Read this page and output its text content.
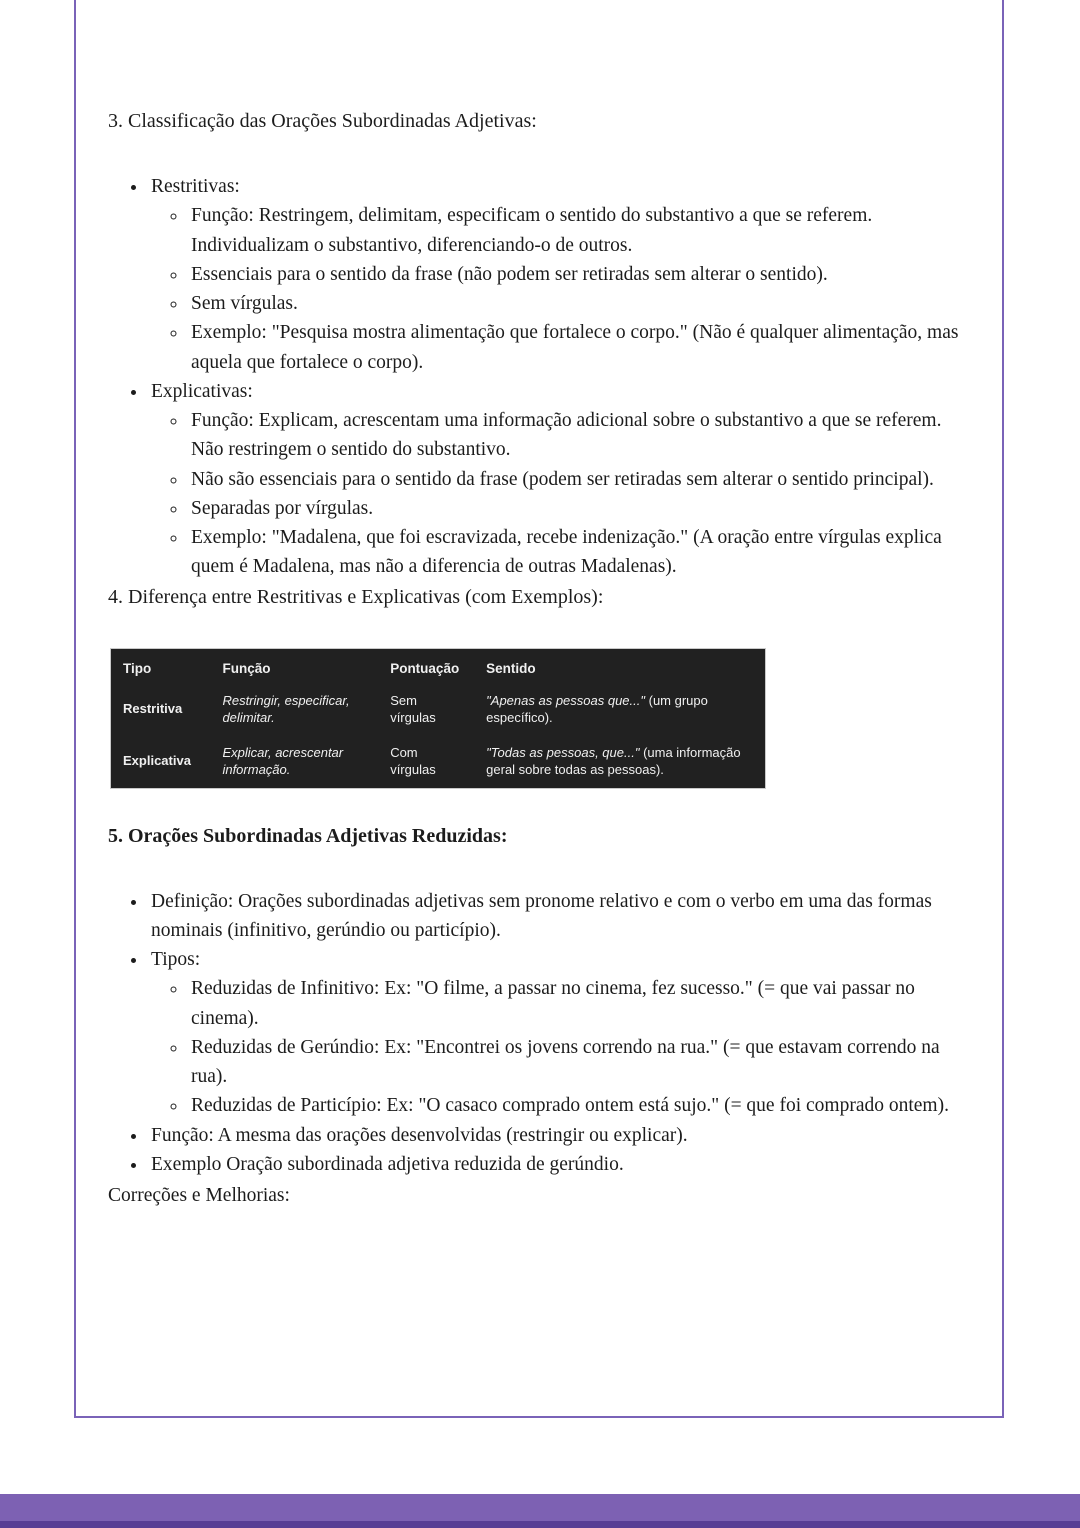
3. Classificação das Orações Subordinadas Adjetivas:

• Restritivas:
◦ Função: Restringem, delimitam, especificam o sentido do substantivo a que se referem. Individualizam o substantivo, diferenciando-o de outros.
◦ Essenciais para o sentido da frase (não podem ser retiradas sem alterar o sentido).
◦ Sem vírgulas.
◦ Exemplo: "Pesquisa mostra alimentação que fortalece o corpo." (Não é qualquer alimentação, mas aquela que fortalece o corpo).
• Explicativas:
◦ Função: Explicam, acrescentam uma informação adicional sobre o substantivo a que se referem. Não restringem o sentido do substantivo.
◦ Não são essenciais para o sentido da frase (podem ser retiradas sem alterar o sentido principal).
◦ Separadas por vírgulas.
◦ Exemplo: "Madalena, que foi escravizada, recebe indenização." (A oração entre vírgulas explica quem é Madalena, mas não a diferencia de outras Madalenas).

4. Diferença entre Restritivas e Explicativas (com Exemplos):

Tipo	Função	Pontuação	Sentido
Restritiva	Restringir, especificar, delimitar.	Sem vírgulas	"Apenas as pessoas que..." (um grupo específico).
Explicativa	Explicar, acrescentar informação.	Com vírgulas	"Todas as pessoas, que..." (uma informação geral sobre todas as pessoas).

5. Orações Subordinadas Adjetivas Reduzidas:

• Definição: Orações subordinadas adjetivas sem pronome relativo e com o verbo em uma das formas nominais (infinitivo, gerúndio ou particípio).
• Tipos:
◦ Reduzidas de Infinitivo: Ex: "O filme, a passar no cinema, fez sucesso." (= que vai passar no cinema).
◦ Reduzidas de Gerúndio: Ex: "Encontrei os jovens correndo na rua." (= que estavam correndo na rua).
◦ Reduzidas de Particípio: Ex: "O casaco comprado ontem está sujo." (= que foi comprado ontem).
• Função: A mesma das orações desenvolvidas (restringir ou explicar).
• Exemplo Oração subordinada adjetiva reduzida de gerúndio.

Correções e Melhorias:
